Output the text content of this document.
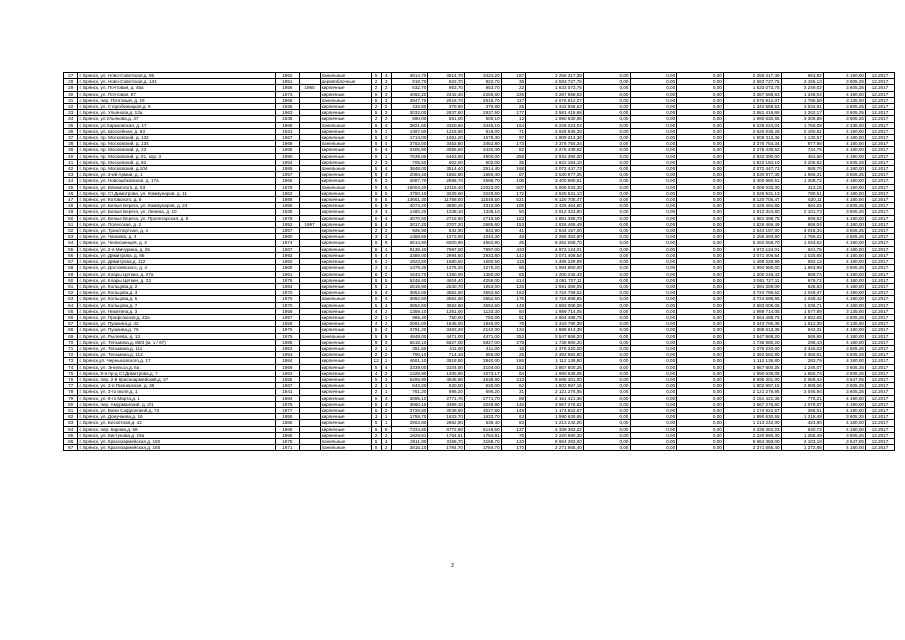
27	г. Брянск, ул. Ново-Советская,д. 85	1962		панельные	5	4	3614,70	3514,70	3424,20	187	2 258 317,39	0,00	0,00	0,00	2 258 317,39	653,92	4 180,00	12.2017
28	г. Брянск, ул. Ново-Советская,д. 134	1951		деревоблочные	2	3	918,70	822,70	822,70	36	2 593 727,75	0,00	0,00	0,00	2 593 727,75	3 155,13	3 605,25	12.2017
29	г. Брянск, ул. Почтовая, д. 45а	1956	1985	кирпичные	2	2	532,70	953,70	953,70	22	1 633 073,75	0,00	0,00	0,00	1 633 073,75	3 249,02	3 605,25	12.2017
30	г. Брянск, ул. Почтовая, 87	1973		кирпичные	5	3	4062,20	2442,40	2255,60	226	3 287 568,63	0,00	0,00	0,00	3 287 568,63	1 346,04	4 180,00	12.2017
31	г. Брянск, пер. Почтовый, д. 19	1966		панельные	5	3	2847,70	2618,70	2618,70	117	4 675 912,07	0,00	0,00	0,00	4 675 912,07	1 785,56	3 135,00	12.2017
32	г. Брянск, ул. Старобежицкая,д. 6	1936		кирпичные	2	2	433,80	379,80	379,80	26	1 342 558,53	0,00	0,00	0,00	1 342 558,53	3 534,91	3 605,25	12.2017
33	г. Брянск, ул. Ульянова,д. 13а	1963		кирпичные	5	3	3032,00	2837,50	2837,50	177	3 581 416,68	0,00	0,00	0,00	3 581 416,68	1 262,17	3 605,25	12.2017
34	г. Брянск, ул.Ульянова,д. 47	1938		кирпичные	2	2	690,00	561,00	500,10	12	1 990 630,55	0,00	0,00	0,00	1 990 630,55	3 308,89	3 605,25	12.2017
35	г. Брянск, ул.Харьковская, д. 17	1966		панельные	5	4	3821,60	3320,60	3445,10	154	6 228 224,04	0,00	0,00	0,00	6 228 224,04	1 759,08	2 135,00	12.2017
36	г. Брянск, ул. Шоссейная, д. 63	1931		кирпичные	5	1	1397,60	1215,60	918,00	71	2 626 636,28	0,00	0,00	0,00	2 626 636,28	2 160,81	4 180,00	12.2017
37	г. Брянск, пр. Московский, д. 132	1967		кирпичные	5	2	1714,00	1691,20	1578,30	97	1 909 313,36	0,00	0,00	0,00	1 909 313,36	1 130,97	4 180,00	12.2017
38	г. Брянск, пр. Московский, д. 134	1968		панельные	5	4	3752,00	3452,80	3452,80	173	3 376 754,34	0,00	0,00	0,00	3 376 754,34	977,98	4 180,00	12.2017
39	г. Брянск, пр. Московский, д. 23	1965		кирпичные	5	4	3305,90	3056,60	2420,30	82	2 276 439,52	0,00	0,00	0,00	2 276 439,52	744,76	4 180,00	12.2017
40	г. Брянск, пр. Московский, д. 81, кор. 3	1990		кирпичные	9	1	7539,00	6463,80	4900,00	258	2 932 390,00	0,00	0,00	0,00	2 932 390,00	453,66	4 180,00	12.2017
41	г. Брянск, пр. Московский, д. 82	1954		кирпичные	2	3	705,50	602,00	602,00	35	1 922 184,10	0,00	0,00	0,00	1 922 184,10	3 206,82	3 605,25	12.2017
42	г. Брянск, пр. Московский, д.104	1985		панельные	5	4	3848,00	3514,40	3514,40	168	2 072 447,73	0,00	0,00	0,00	2 072 447,73	589,70	4 180,00	12.2017
43	г. Брянск, ул. 3-ий Армии, д. 1	1957		кирпичные	5	4	2094,40	1862,80	1660,40	67	3 530 977,35	0,00	0,00	0,00	3 530 977,35	1 895,31	3 605,25	12.2017
44	г. Брянск, ул. Новозыбковская, д. 17а	1966		кирпичные	5	3	2887,70	2598,70	2598,70	106	3 400 980,51	0,00	0,00	0,00	3 400 980,51	1 308,72	4 180,00	12.2017
45	г. Брянск, ул. Вяземского, д. 63	1978		панельные	9	6	15004,40	12116,40	12023,00	507	5 006 033,30	0,00	0,00	0,00	5 006 033,30	413,16	4 180,00	12.2017
46	г. Брянск, пр. Ст.Димитрова, ул. Коммунаров, д. 11	1962		кирпичные	5	5	3750,10	3229,60	3229,60	172	2 525 531,13	0,00	0,00	0,00	2 525 531,13	780,51	4 180,00	12.2017
47	г. Брянск, ул. Котовского, д. 8	1988		кирпичные	9	5	13661,30	11768,00	11549,50	521	6 120 705,47	0,00	0,00	0,00	6 120 705,47	520,11	4 180,00	12.2017
48	г. Брянск, ул. Белые Берега, ул. Коммунаров, д. 24	1986		кирпичные	5	5	4074,20	3690,20	3310,00	189	2 426 464,80	0,00	0,00	0,00	2 426 464,80	664,25	3 605,25	12.2017
49	г. Брянск, ул. Белые Берега, ул. Ленина, д. 10	1936		кирпичные	3	3	1480,20	1338,10	1338,10	50	2 812 324,80	0,00	0,00	0,00	2 812 324,80	2 101,73	3 605,25	12.2017
50	г. Брянск, ул. Белые Берега, ул. Пролетарская, д. 6	1978		кирпичные	5	4	3070,50	2715,50	2715,50	153	1 881 398,78	0,00	0,00	0,00	1 881 398,78	696,52	4 180,00	12.2017
51	г. Брянск, ул. Полесская, д. 2	1952	1997	кирпичные	5	4	3017,20	2707,20	2685,60	153	1 826 469,49	0,00	0,00	0,00	1 826 469,49	666,04	4 180,00	12.2017
52	г. Брянск, ул. Транспортная, д. 4	1957		кирпичные	2	2	925,90	842,90	842,90	41	2 544 157,00	0,00	0,00	0,00	2 544 157,00	3 018,34	3 605,25	12.2017
53	г. Брянск, ул. Чапаева, д. 4	1960		кирпичные	3	3	1359,50	1273,50	1043,30	48	2 255 393,90	0,00	0,00	0,00	2 255 393,90	1 766,22	3 605,25	12.2017
54	г. Брянск, ул. Челюскинцев, д. 4	1974		кирпичные	5	6	6514,90	6000,90	4862,90	26	6 262 058,70	0,00	0,00	0,00	6 262 058,70	1 043,62	4 180,00	12.2017
55	г. Брянск, ул. 2-я Мичурина, д. 25	1967		кирпичные	9	4	9138,40	7997,00	7997,00	433	4 972 124,01	0,00	0,00	0,00	4 972 124,01	621,75	4 180,00	12.2017
56	г. Брянск, ул. Димитрова, д. 88	1992		кирпичные	5	4	3389,00	2994,50	2933,80	142	3 071 409,54	0,00	0,00	0,00	3 071 409,54	1 025,68	4 180,00	12.2017
57	г. Брянск, ул. Димитрова,д. 112	1962		кирпичные	5	1	1823,50	1680,50	1680,50	115	1 499 229,99	0,00	0,00	0,00	1 499 229,99	892,13	4 180,00	12.2017
58	г. Брянск, ул. Достоевского, д. 4	1969		кирпичные	2	2	1379,20	1275,20	1275,20	66	1 994 950,00	0,00	0,00	0,00	1 994 950,00	1 563,98	3 605,25	12.2017
59	г. Брянск, ул. Клары Цеткин, д. 27а	1961		кирпичные	6	2	1643,70	1380,00	1380,00	65	1 200 246,43	0,00	0,00	0,00	1 200 246,43	869,74	4 180,00	12.2017
60	г. Брянск, ул. Клары Цеткин, д. 23	1975		кирпичные	5	5	5248,40	4604,40	4258,00	214	3 061 727,11	0,00	0,00	0,00	3 061 727,11	679,72	4 180,00	12.2017
61	г. Брянск, ул. Кольцова,д. 2	1984		кирпичные	5	1	2819,90	2530,70	1963,00	126	1 591 369,09	0,00	0,00	0,00	1 591 369,09	628,83	4 180,00	12.2017
62	г. Брянск, ул. Кольцова,д. 3	1970		кирпичные	5	4	3852,60	3552,60	3552,60	163	3 724 799,52	0,00	0,00	0,00	3 724 799,52	1 048,47	4 180,00	12.2017
63	г. Брянск, ул. Кольцова,д. 5	1970		панельные	5	4	3852,60	3552,60	3552,60	176	3 724 698,55	0,00	0,00	0,00	3 724 698,55	1 048,42	4 180,00	12.2017
64	г. Брянск, ул. Кольцова,д. 7	1970		кирпичные	5	4	3852,60	3552,60	3552,60	149	3 683 008,06	0,00	0,00	0,00	3 683 008,06	1 036,71	4 180,00	12.2017
65	г. Брянск, ул. Никитина,д. 3	1959		кирпичные	4	2	1359,10	1261,00	1133,30	84	1 989 714,05	0,00	0,00	0,00	1 989 714,05	1 577,89	3 135,00	12.2017
66	г. Брянск, ул. Профсоюзов,д. 22а	1957		кирпичные	2	1	965,40	750,00	750,00	51	2 664 488,75	0,00	0,00	0,00	2 664 488,75	3 552,65	3 605,25	12.2017
67	г. Брянск, ул. Пушкина,д. 42	1958		кирпичные	4	2	2061,00	1845,00	1845,00	78	3 343 795,36	0,00	0,00	0,00	3 343 795,36	1 812,36	3 135,00	12.2017
68	г. Брянск, ул. Пушкина,д. 76	1975		кирпичные	5	4	3791,20	3463,20	2142,00	134	1 888 613,38	0,00	0,00	0,00	1 888 613,38	542,31	4 180,00	12.2017
69	г. Брянск, ул. Рылеева, д. 13	1975		панельные	5	6	4848,00	4471,00	4471,00	252	2 547 868,20	0,00	0,00	0,00	2 547 868,20	569,85	4 180,00	12.2017
70	г. Брянск, ул. Тельмана,д. 89/3 (м. 1 / 67)	1985		кирпичные	9	3	6618,10	5827,00	5827,00	278	1 738 980,20	0,00	0,00	0,00	1 738 980,20	298,43	4 180,00	12.2017
71	г. Брянск, ул. Тельмана,д. 111	1953		кирпичные	2	1	451,50	411,00	411,00	18	1 375 220,00	0,00	0,00	0,00	1 375 220,00	3 346,03	3 605,25	12.2017
72	г. Брянск, ул. Тельмана,д. 113	1954		кирпичные	2	2	790,10	714,10	555,00	26	2 392 682,80	0,00	0,00	0,00	2 392 682,80	3 350,61	3 605,25	12.2017
73	г. Брянск,ул. Черныховского,д. 17	1984		кирпичные	12	1	4661,10	3918,90	3840,00	186	1 112 136,80	0,00	0,00	0,00	1 112 136,80	283,79	4 180,00	12.2017
74	г. Брянск, ул. Энгельса,д. 6а	1969		кирпичные	5	4	3339,00	3104,00	3104,00	152	3 867 800,25	0,00	0,00	0,00	3 867 800,25	1 246,07	3 605,25	12.2017
75	г. Брянск, 5-я пр-д Ст.Димитрова,д. 7	1963		кирпичные	4	2	1328,90	1205,90	1073,17	64	1 990 639,05	0,00	0,00	0,00	1 990 639,05	1 650,74	3 605,25	12.2017
76	г. Брянск, пер. 2-й Красноармейский,д. 27	1955		кирпичные	5	3	5265,90	4638,90	4638,90	213	9 595 301,00	0,00	0,00	0,00	9 595 301,00	2 068,44	3 647,05	12.2017
77	г. Брянск, ул. 2-я Пионерская, д. 38	1967		кирпичные	2	1	643,20	620,00	620,00	62	1 802 997,15	0,00	0,00	0,00	1 802 997,15	2 908,06	3 605,25	12.2017
78	г. Брянск, ул. 3-го июля,д. 1	1941		кирпичные	2	1	781,20	696,20	696,20	31	2 121 276,95	0,00	0,00	0,00	2 121 276,95	3 046,94	3 605,25	12.2017
79	г. Брянск, ул. 8-го Марта,д. 1	1984		кирпичные	5	4	3085,10	2771,70	2771,70	89	2 151 421,36	0,00	0,00	0,00	2 151 421,36	776,21	4 180,00	12.2017
80	г. Брянск, пер. Амурманский, д. 2/1	1976		кирпичные	5	4	3660,10	3399,10	3249,80	145	3 667 276,82	0,00	0,00	0,00	3 667 276,82	1 078,87	4 180,00	12.2017
81	г. Брянск, ул. Вали Сафроновой,д. 73	1977		кирпичные	5	2	3729,60	3039,60	3027,80	148	1 174 822,67	0,00	0,00	0,00	1 174 822,67	386,51	4 180,00	12.2017
82	г. Брянск, ул. Донучаева,д. 16	1955		кирпичные	3	1	1759,70	1633,70	1633,70	63	1 990 630,55	0,00	0,00	0,00	1 990 630,55	1 218,48	3 605,25	12.2017
83	г. Брянск, ул. Бесхетная,д. 42	1985		кирпичные	5	1	2963,80	2862,80	636,40	63	1 213 242,00	0,00	0,00	0,00	1 213 242,00	423,80	4 180,00	12.2017
84	г. Брянск, пер. Кирова,д. 59	1968		кирпичные	5	9	7333,60	6772,60	6146,50	137	4 339 362,22	0,00	0,00	0,00	4 339 362,22	640,72	4 180,00	12.2017
85	г. Брянск, ул. Кистунова,д. 19а	1966		кирпичные	2	2	1829,51	1764,81	1764,81	76	2 220 990,30	0,00	0,00	0,00	2 220 990,30	1 258,49	3 605,25	12.2017
86	г. Брянск, ул. Красноармейская,д. 160	1978		панельные	5	4	2511,90	3168,70	3168,70	133	6 664 383,00	0,00	0,00	0,00	6 664 383,00	2 103,18	3 647,05	12.2017
87	г. Брянск, ул. Красноармейская,д. 166	1971		панельные	5	2	2818,10	1784,70	1784,70	170	2 271 665,40	0,00	0,00	0,00	2 271 665,40	1 272,86	4 180,00	12.2017
2
